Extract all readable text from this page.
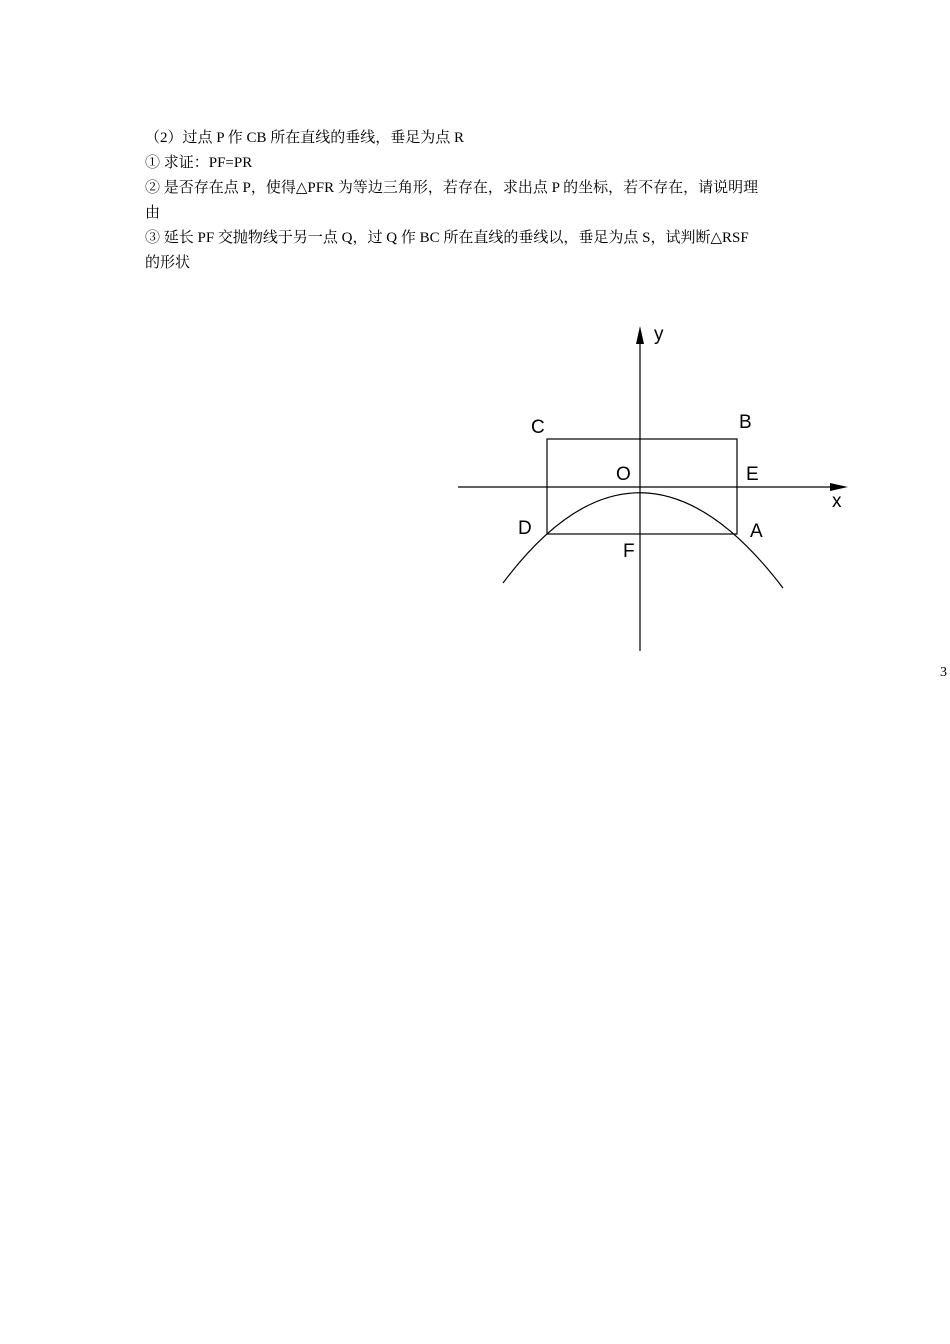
（2）过点 P 作 CB 所在直线的垂线，垂足为点 R
① 求证：PF=PR
② 是否存在点 P，使得△PFR 为等边三角形，若存在，求出点 P 的坐标，若不存在，请说明理
由
③ 延长 PF 交抛物线于另一点 Q，过 Q 作 BC 所在直线的垂线以，垂足为点 S，试判断△RSF
的形状
y
x
C	B
O	E
D	A
F
3
